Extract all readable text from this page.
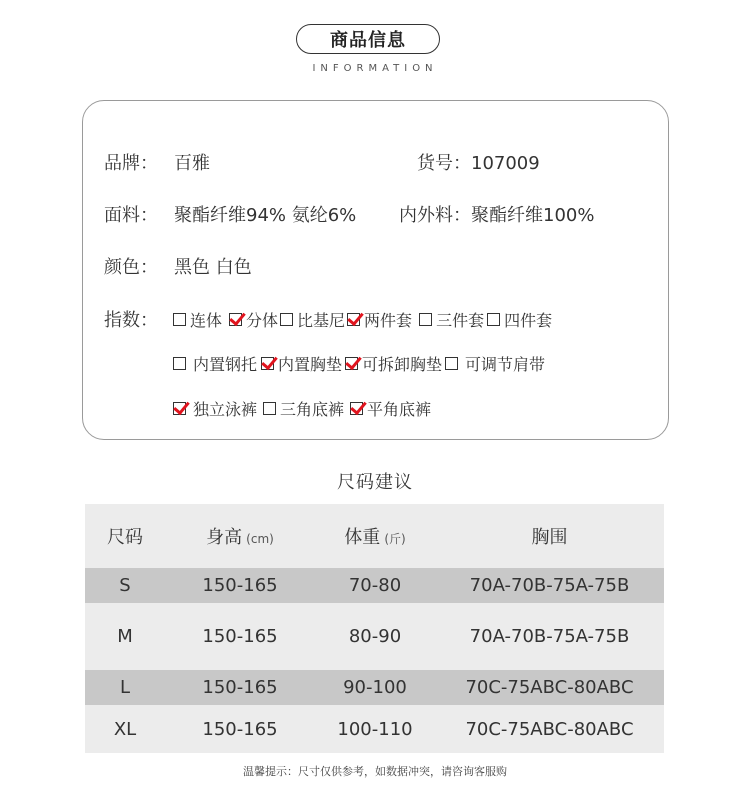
商品信息
INFORMATION
品牌： 百雅	货号：107009
面料： 聚酯纤维94% 氨纶6% 内外料：聚酯纤维100%
颜色： 黑色 白色
指数： 连体 分体 比基尼 两件套 三件套 四件套
内置钢托 内置胸垫 可拆卸胸垫 可调节肩带
独立泳裤 三角底裤 平角底裤
尺码建议
尺码	身高 (cm)	体重 (斤)	胸围
S	150-165	70-80	70A-70B-75A-75B
M	150-165	80-90	70A-70B-75A-75B
L	150-165	90-100	70C-75ABC-80ABC
XL	150-165	100-110	70C-75ABC-80ABC
温馨提示：尺寸仅供参考，如数据冲突，请咨询客服购
